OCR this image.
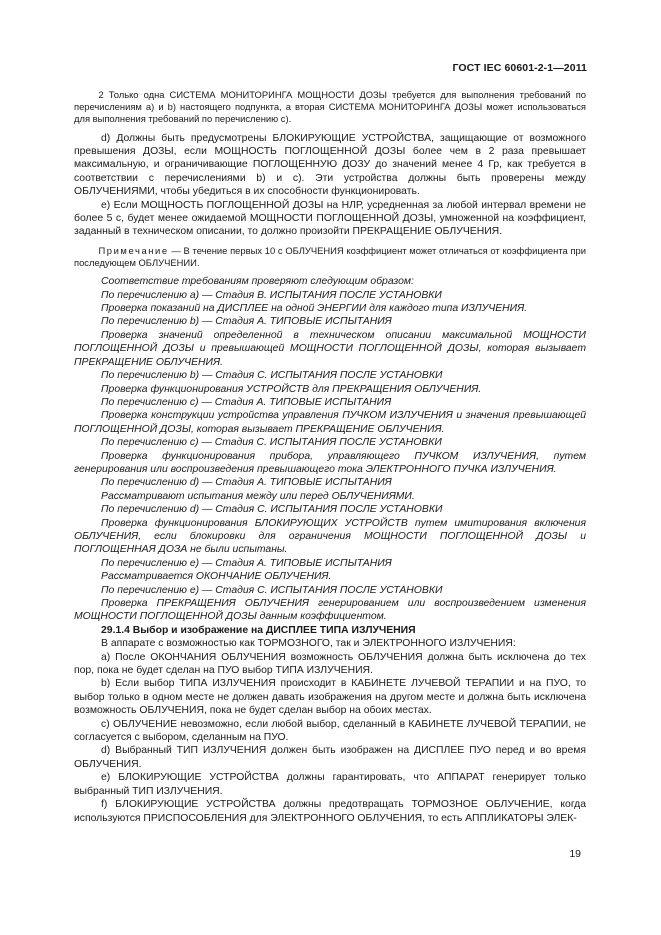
ГОСТ IEC 60601-2-1—2011

2 Только одна СИСТЕМА МОНИТОРИНГА МОЩНОСТИ ДОЗЫ требуется для выполнения требований по перечислениям a) и b) настоящего подпункта, а вторая СИСТЕМА МОНИТОРИНГА ДОЗЫ может использоваться для выполнения требований по перечислению c).

d) Должны быть предусмотрены БЛОКИРУЮЩИЕ УСТРОЙСТВА, защищающие от возможного превышения ДОЗЫ, если МОЩНОСТЬ ПОГЛОЩЕННОЙ ДОЗЫ более чем в 2 раза превышает максимальную, и ограничивающие ПОГЛОЩЕННУЮ ДОЗУ до значений менее 4 Гр, как требуется в соответствии с перечислениями b) и c). Эти устройства должны быть проверены между ОБЛУЧЕНИЯМИ, чтобы убедиться в их способности функционировать.

e) Если МОЩНОСТЬ ПОГЛОЩЕННОЙ ДОЗЫ на НЛР, усредненная за любой интервал времени не более 5 с, будет менее ожидаемой МОЩНОСТИ ПОГЛОЩЕННОЙ ДОЗЫ, умноженной на коэффициент, заданный в техническом описании, то должно произойти ПРЕКРАЩЕНИЕ ОБЛУЧЕНИЯ.

Примечание — В течение первых 10 с ОБЛУЧЕНИЯ коэффициент может отличаться от коэффициента при последующем ОБЛУЧЕНИИ.

Соответствие требованиям проверяют следующим образом:

По перечислению a) — Стадия B. ИСПЫТАНИЯ ПОСЛЕ УСТАНОВКИ

Проверка показаний на ДИСПЛЕЕ на одной ЭНЕРГИИ для каждого типа ИЗЛУЧЕНИЯ.

По перечислению b) — Стадия A. ТИПОВЫЕ ИСПЫТАНИЯ

Проверка значений определенной в техническом описании максимальной МОЩНОСТИ ПОГЛОЩЕННОЙ ДОЗЫ и превышающей МОЩНОСТИ ПОГЛОЩЕННОЙ ДОЗЫ, которая вызывает ПРЕКРАЩЕНИЕ ОБЛУЧЕНИЯ.

По перечислению b) — Стадия C. ИСПЫТАНИЯ ПОСЛЕ УСТАНОВКИ

Проверка функционирования УСТРОЙСТВ для ПРЕКРАЩЕНИЯ ОБЛУЧЕНИЯ.

По перечислению c) — Стадия A. ТИПОВЫЕ ИСПЫТАНИЯ

Проверка конструкции устройства управления ПУЧКОМ ИЗЛУЧЕНИЯ и значения превышающей ПОГЛОЩЕННОЙ ДОЗЫ, которая вызывает ПРЕКРАЩЕНИЕ ОБЛУЧЕНИЯ.

По перечислению c) — Стадия C. ИСПЫТАНИЯ ПОСЛЕ УСТАНОВКИ

Проверка функционирования прибора, управляющего ПУЧКОМ ИЗЛУЧЕНИЯ, путем генерирования или воспроизведения превышающего тока ЭЛЕКТРОННОГО ПУЧКА ИЗЛУЧЕНИЯ.

По перечислению d) — Стадия A. ТИПОВЫЕ ИСПЫТАНИЯ

Рассматривают испытания между или перед ОБЛУЧЕНИЯМИ.

По перечислению d) — Стадия C. ИСПЫТАНИЯ ПОСЛЕ УСТАНОВКИ

Проверка функционирования БЛОКИРУЮЩИХ УСТРОЙСТВ путем имитирования включения ОБЛУЧЕНИЯ, если блокировки для ограничения МОЩНОСТИ ПОГЛОЩЕННОЙ ДОЗЫ и ПОГЛОЩЕННАЯ ДОЗА не были испытаны.

По перечислению e) — Стадия A. ТИПОВЫЕ ИСПЫТАНИЯ

Рассматривается ОКОНЧАНИЕ ОБЛУЧЕНИЯ.

По перечислению e) — Стадия C. ИСПЫТАНИЯ ПОСЛЕ УСТАНОВКИ

Проверка ПРЕКРАЩЕНИЯ ОБЛУЧЕНИЯ генерированием или воспроизведением изменения МОЩНОСТИ ПОГЛОЩЕННОЙ ДОЗЫ данным коэффициентом.

29.1.4 Выбор и изображение на ДИСПЛЕЕ ТИПА ИЗЛУЧЕНИЯ

В аппарате с возможностью как ТОРМОЗНОГО, так и ЭЛЕКТРОННОГО ИЗЛУЧЕНИЯ:

a) После ОКОНЧАНИЯ ОБЛУЧЕНИЯ возможность ОБЛУЧЕНИЯ должна быть исключена до тех пор, пока не будет сделан на ПУО выбор ТИПА ИЗЛУЧЕНИЯ.

b) Если выбор ТИПА ИЗЛУЧЕНИЯ происходит в КАБИНЕТЕ ЛУЧЕВОЙ ТЕРАПИИ и на ПУО, то выбор только в одном месте не должен давать изображения на другом месте и должна быть исключена возможность ОБЛУЧЕНИЯ, пока не будет сделан выбор на обоих местах.

c) ОБЛУЧЕНИЕ невозможно, если любой выбор, сделанный в КАБИНЕТЕ ЛУЧЕВОЙ ТЕРАПИИ, не согласуется с выбором, сделанным на ПУО.

d) Выбранный ТИП ИЗЛУЧЕНИЯ должен быть изображен на ДИСПЛЕЕ ПУО перед и во время ОБЛУЧЕНИЯ.

e) БЛОКИРУЮЩИЕ УСТРОЙСТВА должны гарантировать, что АППАРАТ генерирует только выбранный ТИП ИЗЛУЧЕНИЯ.

f) БЛОКИРУЮЩИЕ УСТРОЙСТВА должны предотвращать ТОРМОЗНОЕ ОБЛУЧЕНИЕ, когда используются ПРИСПОСОБЛЕНИЯ для ЭЛЕКТРОННОГО ОБЛУЧЕНИЯ, то есть АППЛИКАТОРЫ ЭЛЕК-

19
